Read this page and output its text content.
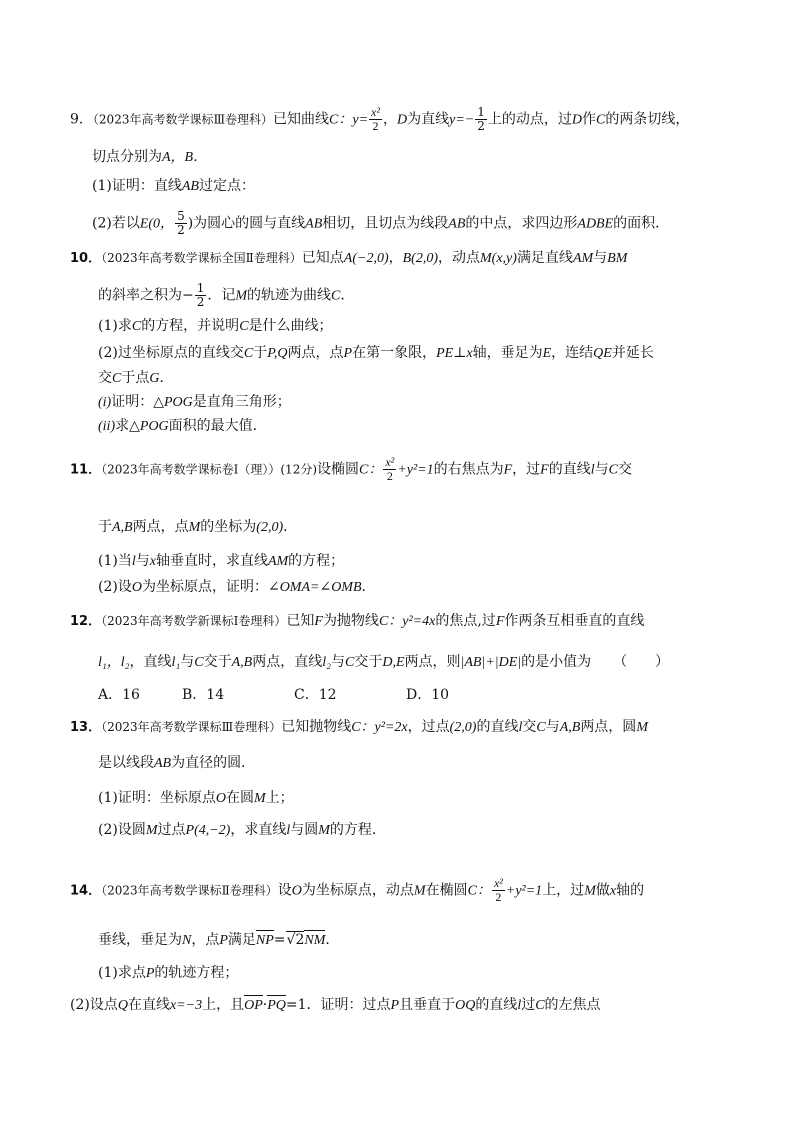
9．（2023年高考数学课标Ⅲ卷理科）已知曲线C：$y= \frac{\text{x²}}{2}$ ，D为直线$y=- \frac{1}{2}$ 上的动点，过D作C的两条切线，
切点分别为A，B．
(1)证明：直线AB过定点：
(2)若以E(0， $\frac{5}{2}$ )为圆心的圆与直线AB相切，且切点为线段AB的中点，求四边形ADBE的面积．
10．（2023年高考数学课标全国Ⅱ卷理科）已知点A(−2,0)，B(2,0)，动点M(x,y)满足直线AM与BM
的斜率之积为− $\frac{1}{2}$ ．记M的轨迹为曲线C．
(1)求C的方程，并说明C是什么曲线；
(2)过坐标原点的直线交C于P,Q两点，点P在第一象限，PE⊥x轴，垂足为E，连结QE并延长
交C于点G．
(i)证明：△POG是直角三角形；
(ii)求△POG面积的最大值．
11．（2023年高考数学课标卷Ⅰ（理））(12分)设椭圆C： $\frac{\text{x²}}{2} +y^2=1$的右焦点为F，过F的直线l与C交
于A,B两点，点M的坐标为(2,0)．
(1)当l与x轴垂直时，求直线AM的方程；
(2)设O为坐标原点，证明：∠OMA=∠OMB．
12．（2023年高考数学新课标Ⅰ卷理科）已知F为抛物线C：y²=4x的焦点,过F作两条互相垂直的直线
l₁，l₂，直线l₁与C交于A,B两点，直线l₂与C交于D,E两点，则|AB|+|DE|的是小值为 （　　）
A．16	B．14	C．12	D．10
13．（2023年高考数学课标Ⅲ卷理科）已知抛物线C：y²=2x，过点(2,0)的直线l交C与A,B两点，圆M
是以线段AB为直径的圆．
(1)证明：坐标原点O在圆M上；
(2)设圆M过点P(4,−2)，求直线l与圆M的方程．
14．（2023年高考数学课标Ⅱ卷理科）设O为坐标原点，动点M在椭圆C： $\frac{\text{x²}}{2} +y^2=1$上，过M做x轴的
垂线，垂足为N，点P满足NP=√2NM．
(1)求点P的轨迹方程；
(2)设点Q在直线x=−3上，且OP·PQ=1．证明：过点P且垂直于OQ的直线l过C的左焦点
